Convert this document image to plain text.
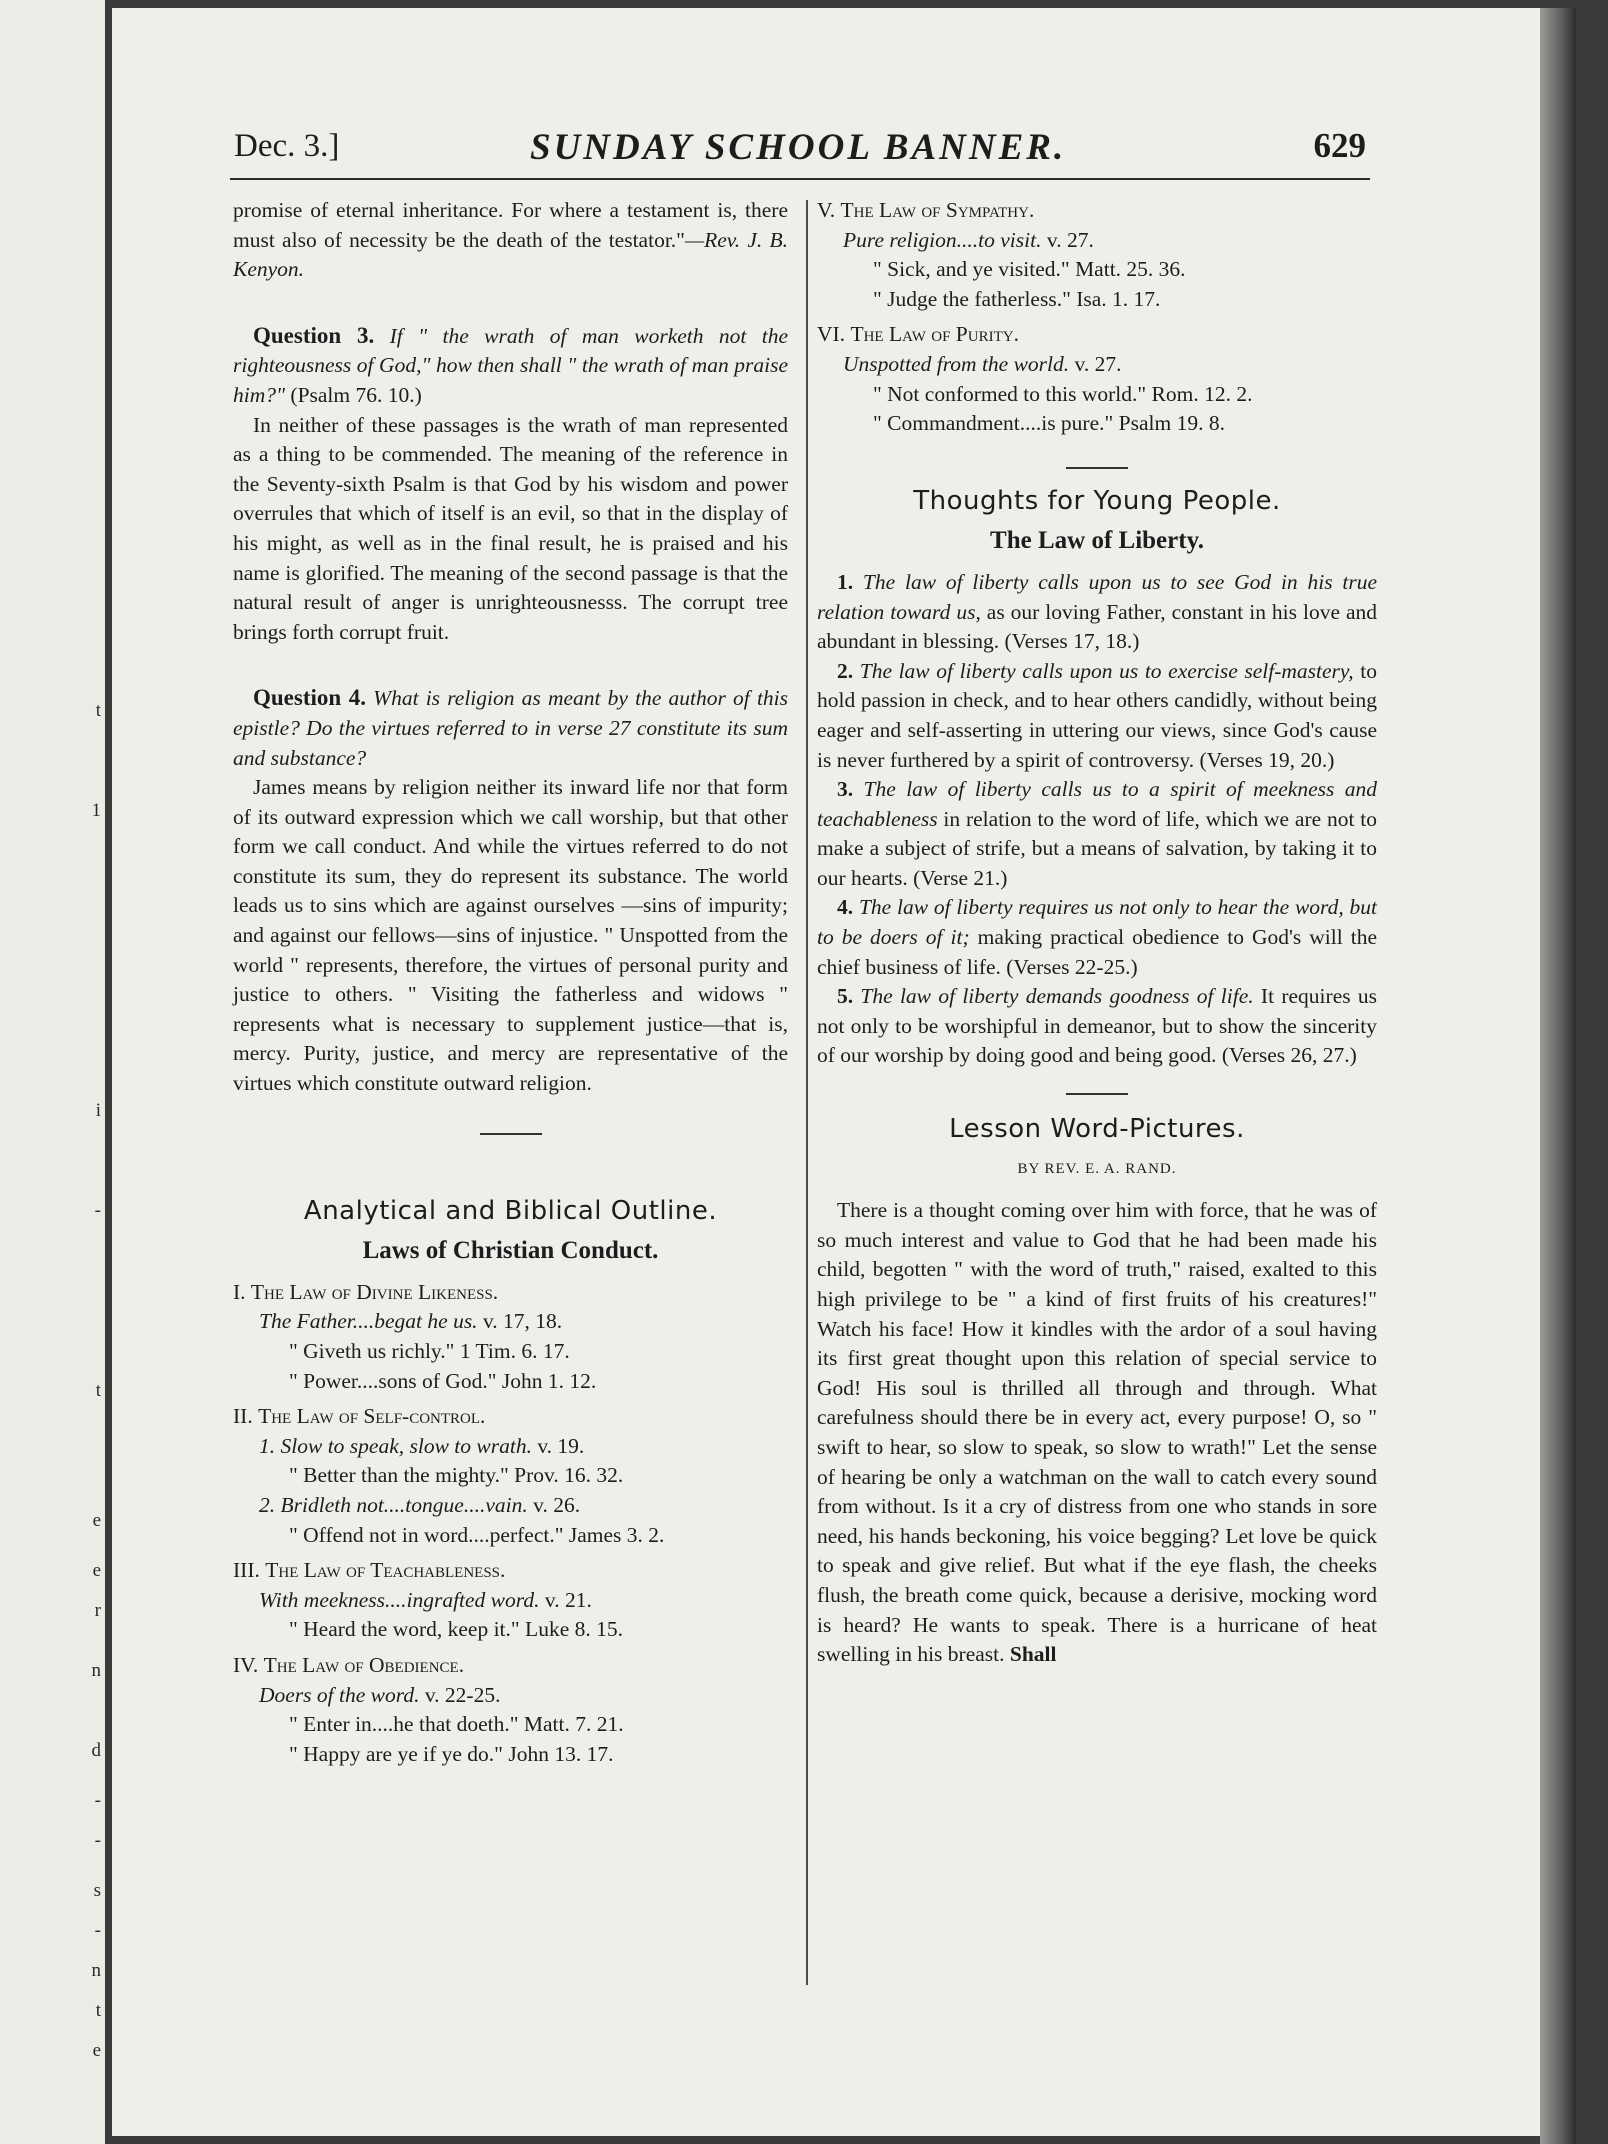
t
1
i
-
t
e
e
r
n
d
-
-
s
-
n
t
e
Dec. 3.]	SUNDAY SCHOOL BANNER.	629

promise of eternal inheritance. For where a testament is, there must also of necessity be the death of the testator."—Rev. J. B. Kenyon.

Question 3. If " the wrath of man worketh not the righteousness of God," how then shall " the wrath of man praise him?" (Psalm 76. 10.)

In neither of these passages is the wrath of man represented as a thing to be commended. The meaning of the reference in the Seventy-sixth Psalm is that God by his wisdom and power overrules that which of itself is an evil, so that in the display of his might, as well as in the final result, he is praised and his name is glorified. The meaning of the second passage is that the natural result of anger is unrighteousnesss. The corrupt tree brings forth corrupt fruit.

Question 4. What is religion as meant by the author of this epistle? Do the virtues referred to in verse 27 constitute its sum and substance?

James means by religion neither its inward life nor that form of its outward expression which we call worship, but that other form we call conduct. And while the virtues referred to do not constitute its sum, they do represent its substance. The world leads us to sins which are against ourselves —sins of impurity; and against our fellows—sins of injustice. " Unspotted from the world " represents, therefore, the virtues of personal purity and justice to others. " Visiting the fatherless and widows " represents what is necessary to supplement justice—that is, mercy. Purity, justice, and mercy are representative of the virtues which constitute outward religion.

Analytical and Biblical Outline.
Laws of Christian Conduct.
I. The Law of Divine Likeness.
The Father....begat he us. v. 17, 18.
" Giveth us richly." 1 Tim. 6. 17.
" Power....sons of God." John 1. 12.
II. The Law of Self-control.
1. Slow to speak, slow to wrath. v. 19.
" Better than the mighty." Prov. 16. 32.
2. Bridleth not....tongue....vain. v. 26.
" Offend not in word....perfect." James 3. 2.
III. The Law of Teachableness.
With meekness....ingrafted word. v. 21.
" Heard the word, keep it." Luke 8. 15.
IV. The Law of Obedience.
Doers of the word. v. 22-25.
" Enter in....he that doeth." Matt. 7. 21.
" Happy are ye if ye do." John 13. 17.
V. The Law of Sympathy.
Pure religion....to visit. v. 27.
" Sick, and ye visited." Matt. 25. 36.
" Judge the fatherless." Isa. 1. 17.
VI. The Law of Purity.
Unspotted from the world. v. 27.
" Not conformed to this world." Rom. 12. 2.
" Commandment....is pure." Psalm 19. 8.
Thoughts for Young People.
The Law of Liberty.

1. The law of liberty calls upon us to see God in his true relation toward us, as our loving Father, constant in his love and abundant in blessing. (Verses 17, 18.)

2. The law of liberty calls upon us to exercise self-mastery, to hold passion in check, and to hear others candidly, without being eager and self-asserting in uttering our views, since God's cause is never furthered by a spirit of controversy. (Verses 19, 20.)

3. The law of liberty calls us to a spirit of meekness and teachableness in relation to the word of life, which we are not to make a subject of strife, but a means of salvation, by taking it to our hearts. (Verse 21.)

4. The law of liberty requires us not only to hear the word, but to be doers of it; making practical obedience to God's will the chief business of life. (Verses 22-25.)

5. The law of liberty demands goodness of life. It requires us not only to be worshipful in demeanor, but to show the sincerity of our worship by doing good and being good. (Verses 26, 27.)

Lesson Word-Pictures.
BY REV. E. A. RAND.

There is a thought coming over him with force, that he was of so much interest and value to God that he had been made his child, begotten " with the word of truth," raised, exalted to this high privilege to be " a kind of first fruits of his creatures!" Watch his face! How it kindles with the ardor of a soul having its first great thought upon this relation of special service to God! His soul is thrilled all through and through. What carefulness should there be in every act, every purpose! O, so " swift to hear, so slow to speak, so slow to wrath!" Let the sense of hearing be only a watchman on the wall to catch every sound from without. Is it a cry of distress from one who stands in sore need, his hands beckoning, his voice begging? Let love be quick to speak and give relief. But what if the eye flash, the cheeks flush, the breath come quick, because a derisive, mocking word is heard? He wants to speak. There is a hurricane of heat swelling in his breast. Shall
